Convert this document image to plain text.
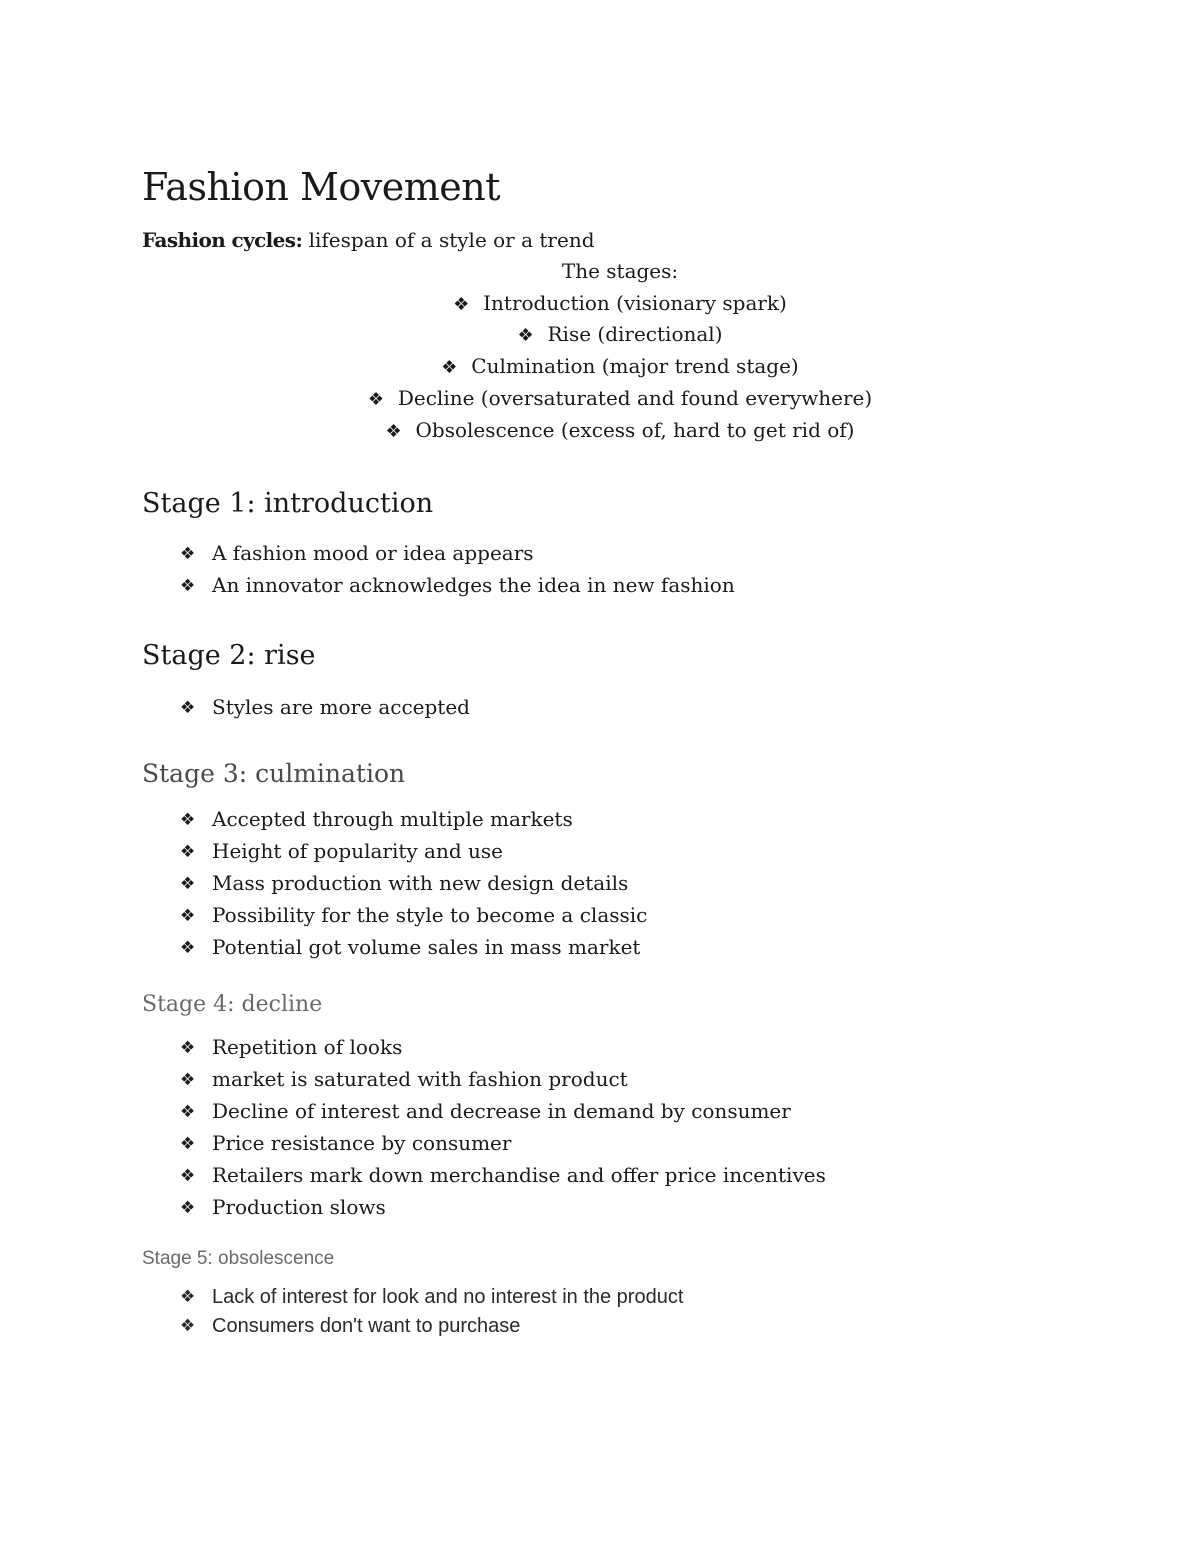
Fashion Movement
Fashion cycles: lifespan of a style or a trend
The stages:
❖ Introduction (visionary spark)
❖ Rise (directional)
❖ Culmination (major trend stage)
❖ Decline (oversaturated and found everywhere)
❖ Obsolescence (excess of, hard to get rid of)
Stage 1: introduction
❖ A fashion mood or idea appears
❖ An innovator acknowledges the idea in new fashion
Stage 2: rise
❖ Styles are more accepted
Stage 3: culmination
❖ Accepted through multiple markets
❖ Height of popularity and use
❖ Mass production with new design details
❖ Possibility for the style to become a classic
❖ Potential got volume sales in mass market
Stage 4: decline
❖ Repetition of looks
❖ market is saturated with fashion product
❖ Decline of interest and decrease in demand by consumer
❖ Price resistance by consumer
❖ Retailers mark down merchandise and offer price incentives
❖ Production slows
Stage 5: obsolescence
❖ Lack of interest for look and no interest in the product
❖ Consumers don't want to purchase
